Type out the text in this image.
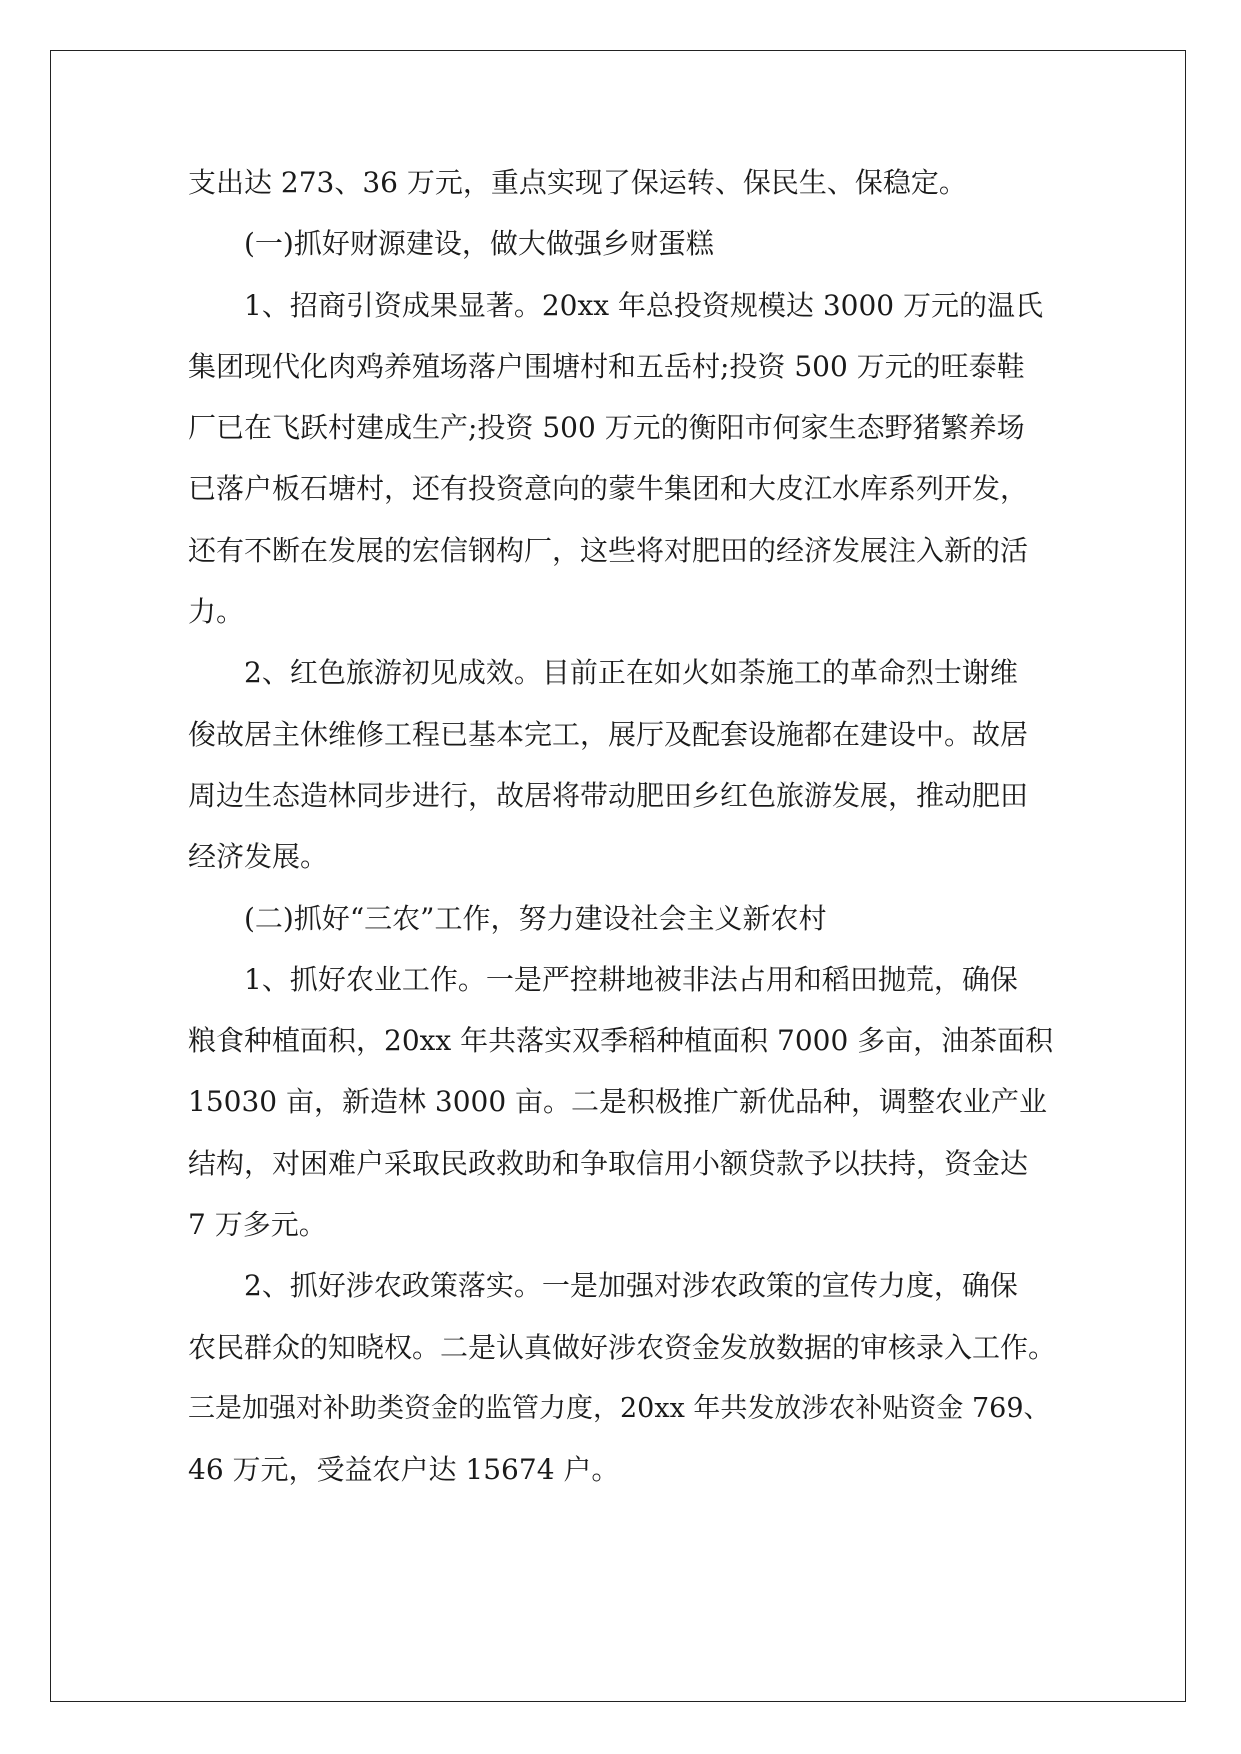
支出达 273、36 万元，重点实现了保运转、保民生、保稳定。
(一)抓好财源建设，做大做强乡财蛋糕
1、招商引资成果显著。20xx 年总投资规模达 3000 万元的温氏
集团现代化肉鸡养殖场落户围塘村和五岳村;投资 500 万元的旺泰鞋
厂已在飞跃村建成生产;投资 500 万元的衡阳市何家生态野猪繁养场
已落户板石塘村，还有投资意向的蒙牛集团和大皮江水库系列开发，
还有不断在发展的宏信钢构厂，这些将对肥田的经济发展注入新的活
力。
2、红色旅游初见成效。目前正在如火如荼施工的革命烈士谢维
俊故居主休维修工程已基本完工，展厅及配套设施都在建设中。故居
周边生态造林同步进行，故居将带动肥田乡红色旅游发展，推动肥田
经济发展。
(二)抓好“三农”工作，努力建设社会主义新农村
1、抓好农业工作。一是严控耕地被非法占用和稻田抛荒，确保
粮食种植面积，20xx 年共落实双季稻种植面积 7000 多亩，油茶面积
15030 亩，新造林 3000 亩。二是积极推广新优品种，调整农业产业
结构，对困难户采取民政救助和争取信用小额贷款予以扶持，资金达
7 万多元。
2、抓好涉农政策落实。一是加强对涉农政策的宣传力度，确保
农民群众的知晓权。二是认真做好涉农资金发放数据的审核录入工作。
三是加强对补助类资金的监管力度，20xx 年共发放涉农补贴资金 769、
46 万元，受益农户达 15674 户。
